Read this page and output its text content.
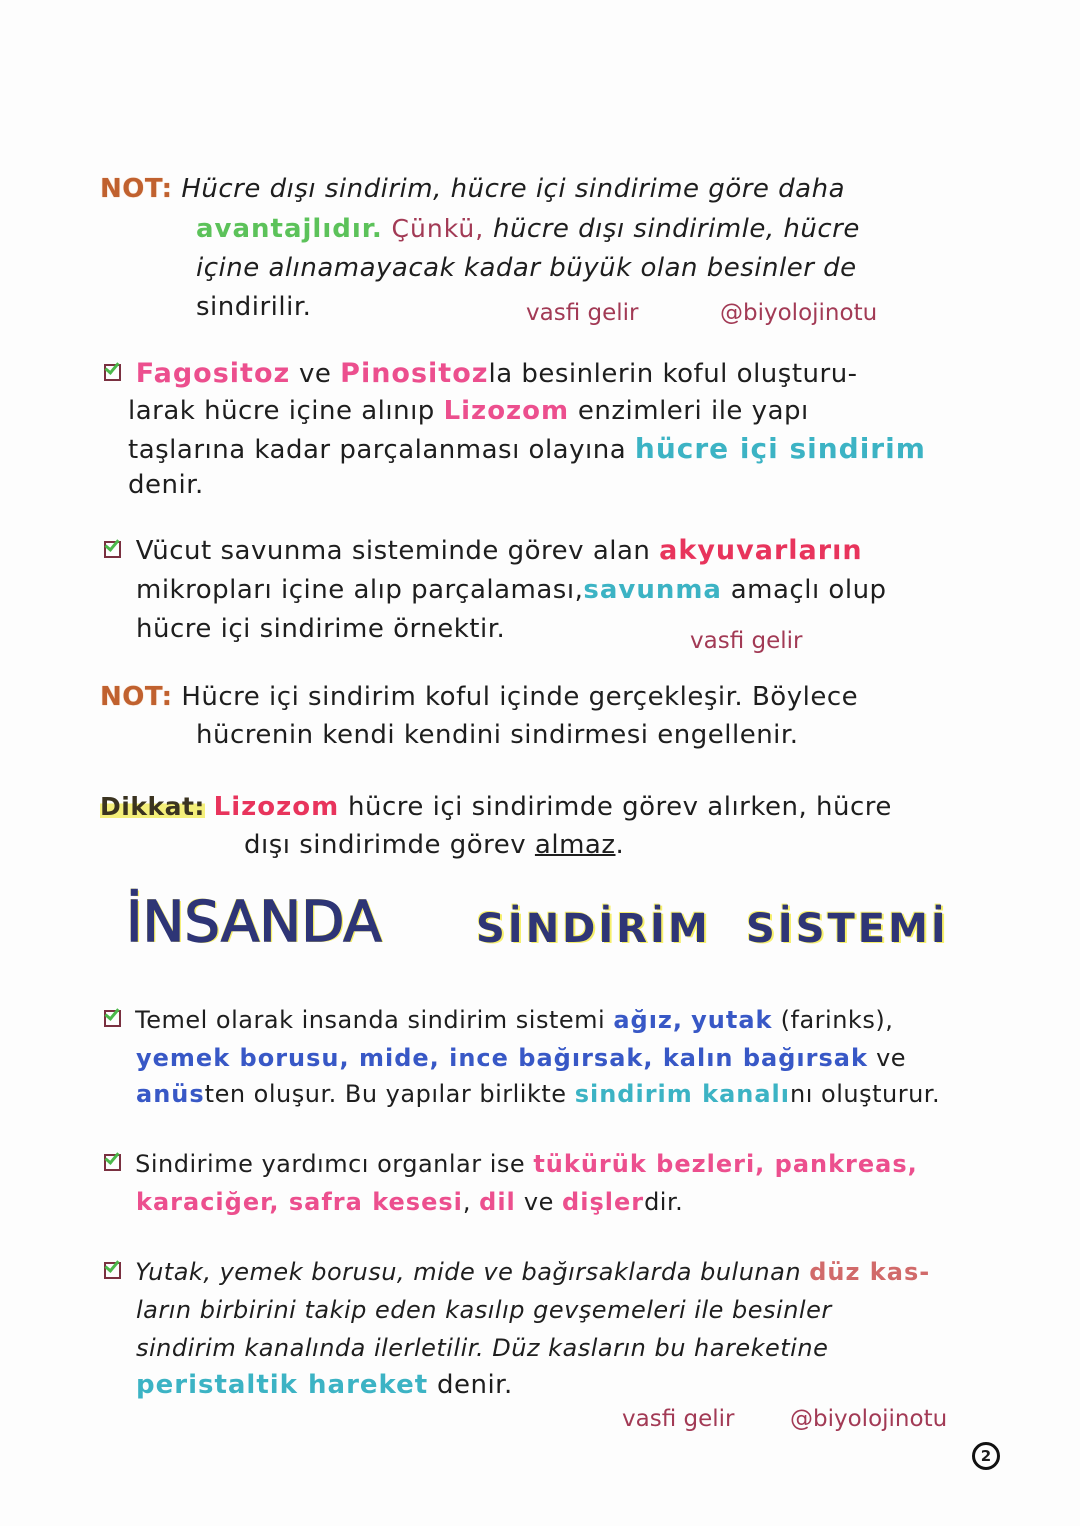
NOT: Hücre dışı sindirim, hücre içi sindirime göre daha
avantajlıdır. Çünkü, hücre dışı sindirimle, hücre
içine alınamayacak kadar büyük olan besinler de
sindirilir.	vasfi gelir	@biyolojinotu
Fagositoz ve Pinositozla besinlerin koful oluşturu-
larak hücre içine alınıp Lizozom enzimleri ile yapı
taşlarına kadar parçalanması olayına hücre içi sindirim
denir.
Vücut savunma sisteminde görev alan akyuvarların
mikropları içine alıp parçalaması,savunma amaçlı olup
hücre içi sindirime örnektir.	vasfi gelir
NOT: Hücre içi sindirim koful içinde gerçekleşir. Böylece
hücrenin kendi kendini sindirmesi engellenir.
Dikkat: Lizozom hücre içi sindirimde görev alırken, hücre
dışı sindirimde görev almaz.
İNSANDA SİNDİRİM SİSTEMİ
Temel olarak insanda sindirim sistemi ağız, yutak (farinks),
yemek borusu, mide, ince bağırsak, kalın bağırsak ve
anüsten oluşur. Bu yapılar birlikte sindirim kanalını oluşturur.
Sindirime yardımcı organlar ise tükürük bezleri, pankreas,
karaciğer, safra kesesi, dil ve dişlerdir.
Yutak, yemek borusu, mide ve bağırsaklarda bulunan düz kas-
ların birbirini takip eden kasılıp gevşemeleri ile besinler
sindirim kanalında ilerletilir. Düz kasların bu hareketine
peristaltik hareket denir.
vasfi gelir @biyolojinotu
2
